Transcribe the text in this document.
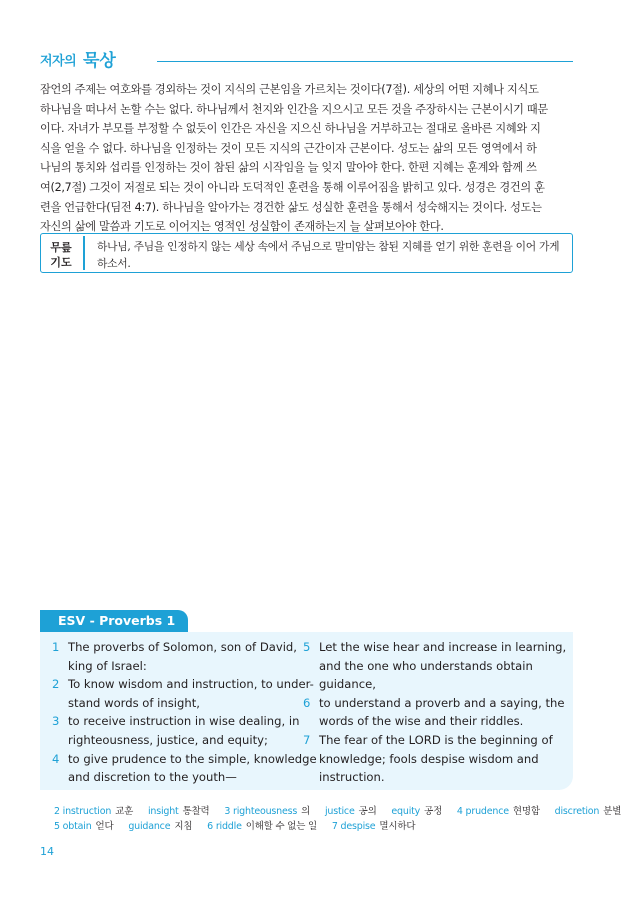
저자의 묵상
잠언의 주제는 여호와를 경외하는 것이 지식의 근본임을 가르치는 것이다(7절). 세상의 어떤 지혜나 지식도
하나님을 떠나서 논할 수는 없다. 하나님께서 천지와 인간을 지으시고 모든 것을 주장하시는 근본이시기 때문
이다. 자녀가 부모를 부정할 수 없듯이 인간은 자신을 지으신 하나님을 거부하고는 절대로 올바른 지혜와 지
식을 얻을 수 없다. 하나님을 인정하는 것이 모든 지식의 근간이자 근본이다. 성도는 삶의 모든 영역에서 하
나님의 통치와 섭리를 인정하는 것이 참된 삶의 시작임을 늘 잊지 말아야 한다. 한편 지혜는 훈계와 함께 쓰
여(2,7절) 그것이 저절로 되는 것이 아니라 도덕적인 훈련을 통해 이루어짐을 밝히고 있다. 성경은 경건의 훈
련을 언급한다(딤전 4:7). 하나님을 알아가는 경건한 삶도 성실한 훈련을 통해서 성숙해지는 것이다. 성도는
자신의 삶에 말씀과 기도로 이어지는 영적인 성실함이 존재하는지 늘 살펴보아야 한다.
무릎
기도
하나님, 주님을 인정하지 않는 세상 속에서 주님으로 말미암는 참된 지혜를 얻기 위한 훈련을 이어 가게
하소서.
ESV - Proverbs 1
1 The proverbs of Solomon, son of David,
king of Israel:
2 To know wisdom and instruction, to under-
stand words of insight,
3 to receive instruction in wise dealing, in
righteousness, justice, and equity;
4 to give prudence to the simple, knowledge
and discretion to the youth—
5 Let the wise hear and increase in learning,
and the one who understands obtain
guidance,
6 to understand a proverb and a saying, the
words of the wise and their riddles.
7 The fear of the LORD is the beginning of
knowledge; fools despise wisdom and
instruction.
2 instruction 교훈 insight 통찰력 3 righteousness 의 justice 공의 equity 공정 4 prudence 현명함 discretion 분별
5 obtain 얻다 guidance 지침 6 riddle 이해할 수 없는 일 7 despise 멸시하다
14
